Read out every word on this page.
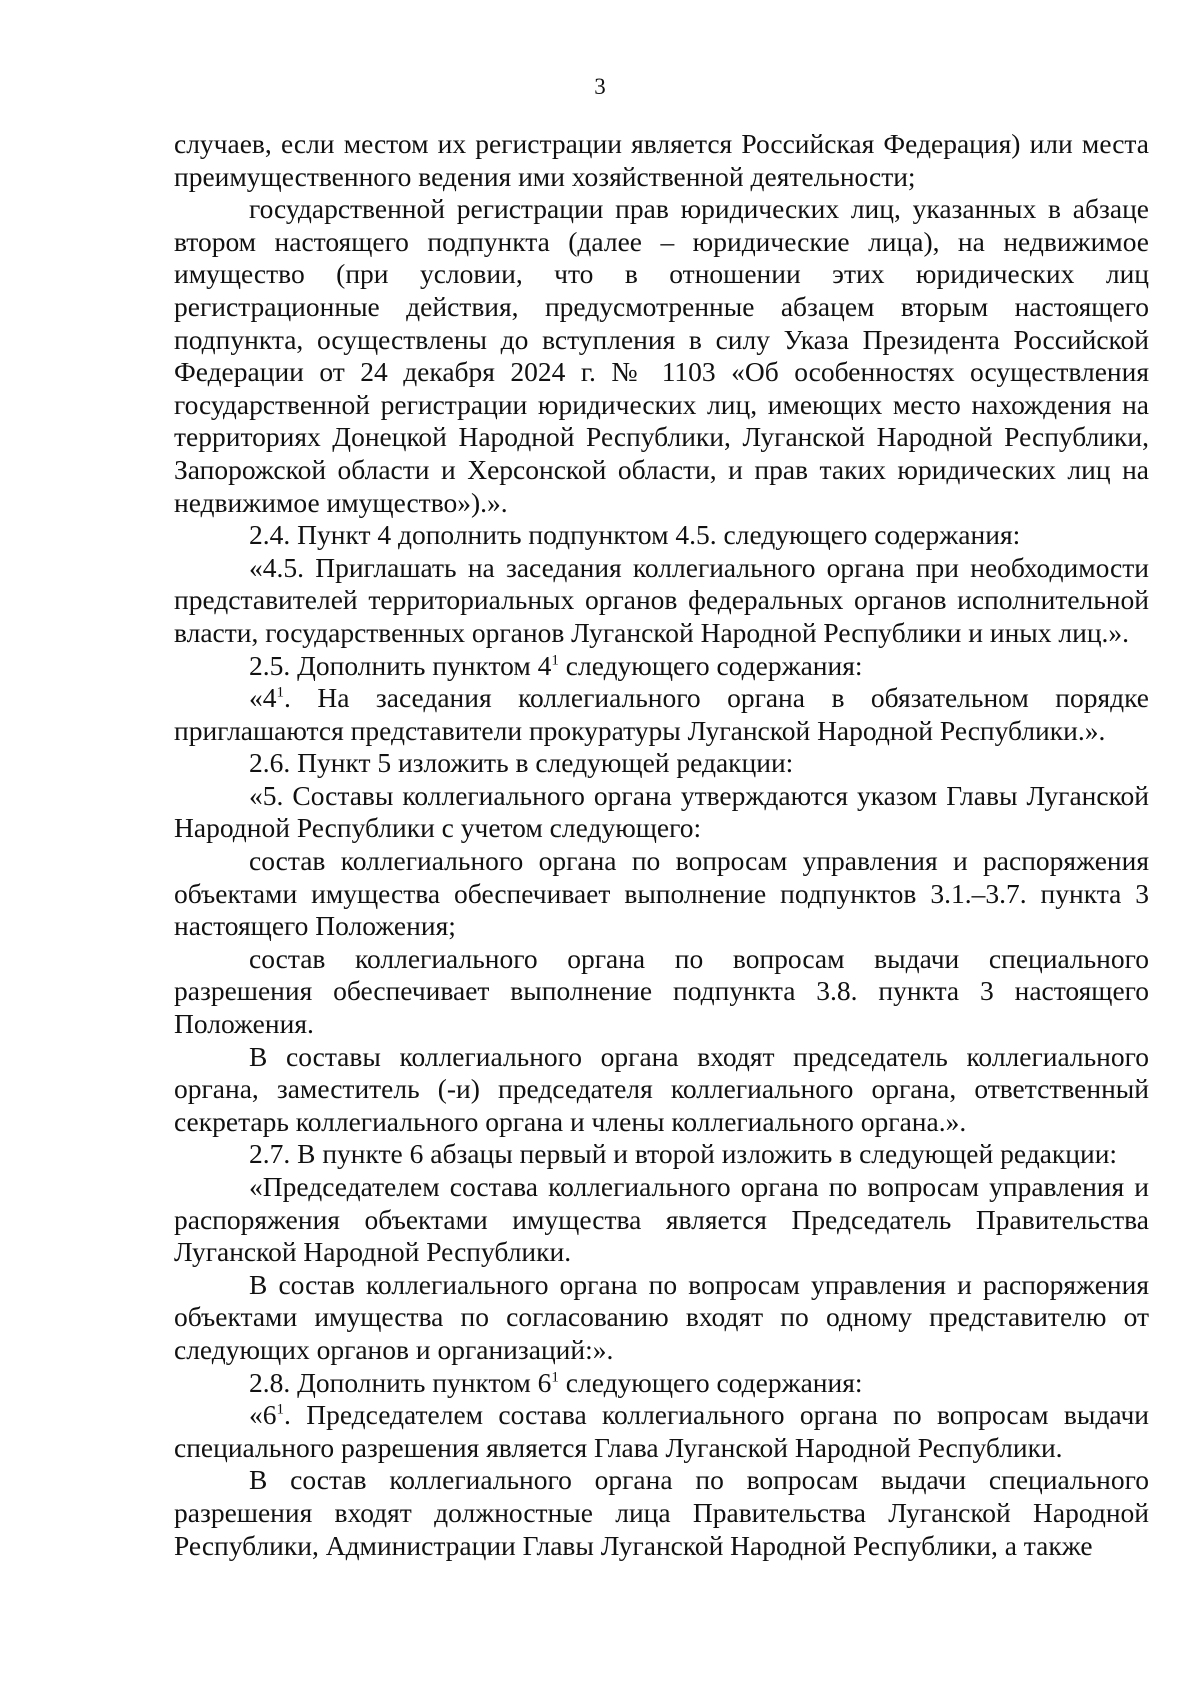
3

случаев, если местом их регистрации является Российская Федерация) или места преимущественного ведения ими хозяйственной деятельности;

государственной регистрации прав юридических лиц, указанных в абзаце втором настоящего подпункта (далее – юридические лица), на недвижимое имущество (при условии, что в отношении этих юридических лиц регистрационные действия, предусмотренные абзацем вторым настоящего подпункта, осуществлены до вступления в силу Указа Президента Российской Федерации от 24 декабря 2024 г. № 1103 «Об особенностях осуществления государственной регистрации юридических лиц, имеющих место нахождения на территориях Донецкой Народной Республики, Луганской Народной Республики, Запорожской области и Херсонской области, и прав таких юридических лиц на недвижимое имущество»).».

2.4. Пункт 4 дополнить подпунктом 4.5. следующего содержания:

«4.5. Приглашать на заседания коллегиального органа при необходимости представителей территориальных органов федеральных органов исполнительной власти, государственных органов Луганской Народной Республики и иных лиц.».

2.5. Дополнить пунктом $4^1$ следующего содержания:

«$4^1$. На заседания коллегиального органа в обязательном порядке приглашаются представители прокуратуры Луганской Народной Республики.».

2.6. Пункт 5 изложить в следующей редакции:

«5. Составы коллегиального органа утверждаются указом Главы Луганской Народной Республики с учетом следующего:

состав коллегиального органа по вопросам управления и распоряжения объектами имущества обеспечивает выполнение подпунктов 3.1.–3.7. пункта 3 настоящего Положения;

состав коллегиального органа по вопросам выдачи специального разрешения обеспечивает выполнение подпункта 3.8. пункта 3 настоящего Положения.

В составы коллегиального органа входят председатель коллегиального органа, заместитель (-и) председателя коллегиального органа, ответственный секретарь коллегиального органа и члены коллегиального органа.».

2.7. В пункте 6 абзацы первый и второй изложить в следующей редакции:

«Председателем состава коллегиального органа по вопросам управления и распоряжения объектами имущества является Председатель Правительства Луганской Народной Республики.

В состав коллегиального органа по вопросам управления и распоряжения объектами имущества по согласованию входят по одному представителю от следующих органов и организаций:».

2.8. Дополнить пунктом $6^1$ следующего содержания:

«$6^1$. Председателем состава коллегиального органа по вопросам выдачи специального разрешения является Глава Луганской Народной Республики.

В состав коллегиального органа по вопросам выдачи специального разрешения входят должностные лица Правительства Луганской Народной Республики, Администрации Главы Луганской Народной Республики, а также
